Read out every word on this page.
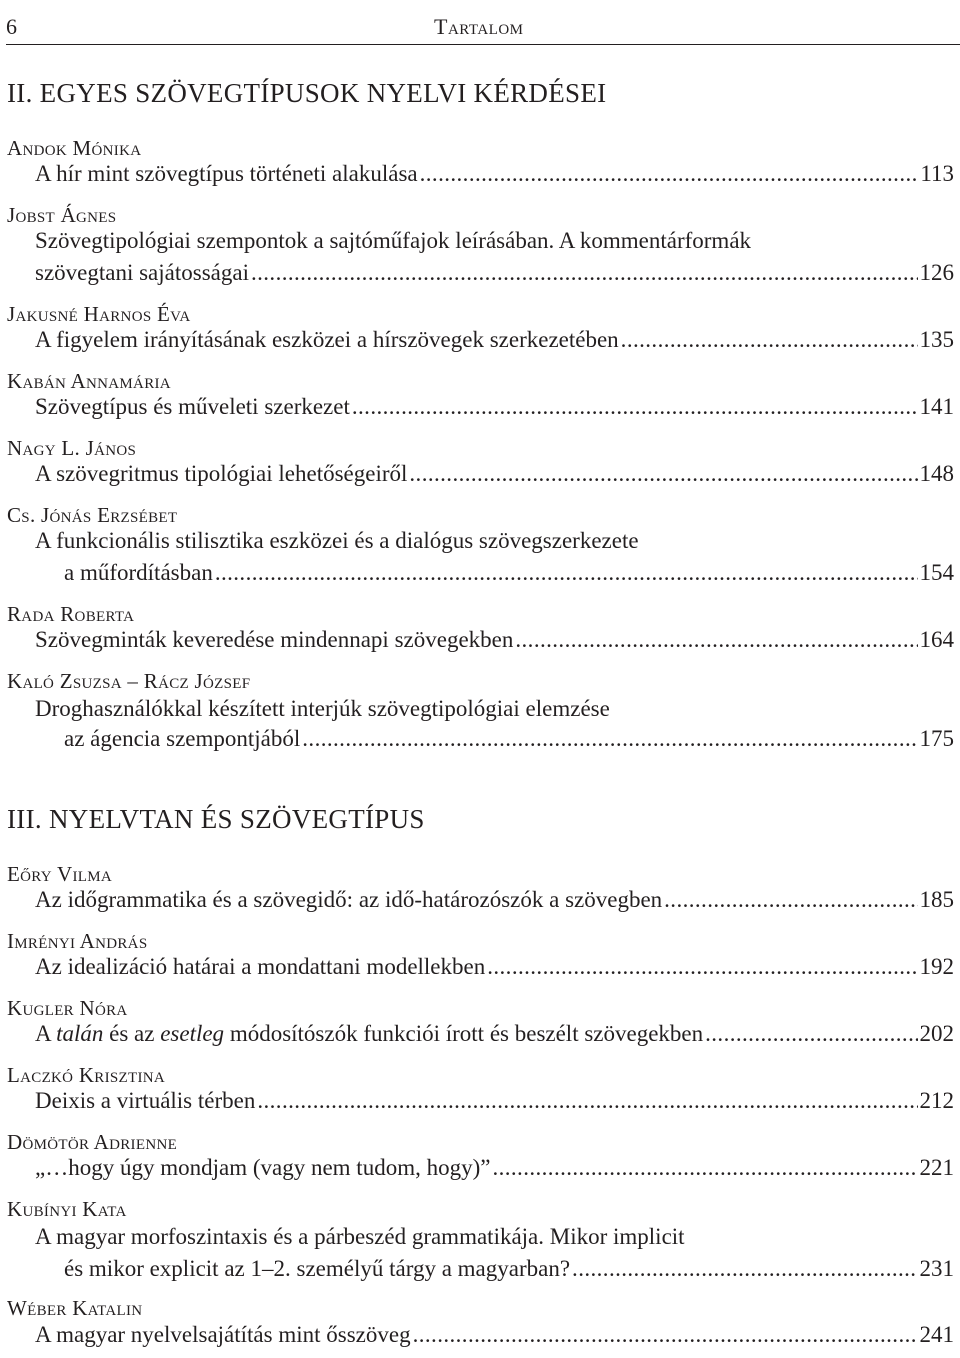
6	Tartalom
II. EGYES SZÖVEGTÍPUSOK NYELVI KÉRDÉSEI
Andok Mónika
A hír mint szövegtípus történeti alakulása .....	113
Jobst Ágnes
Szövegtipológiai szempontok a sajtóműfajok leírásában. A kommentárformák
szövegtani sajátosságai .....	126
Jakusné Harnos Éva
A figyelem irányításának eszközei a hírszövegek szerkezetében .....	135
Kabán Annamária
Szövegtípus és műveleti szerkezet .....	141
Nagy L. János
A szövegritmus tipológiai lehetőségeiről .....	148
Cs. Jónás Erzsébet
A funkcionális stilisztika eszközei és a dialógus szövegszerkezete
a műfordításban .....	154
Rada Roberta
Szövegminták keveredése mindennapi szövegekben .....	164
Kaló Zsuzsa – Rácz József
Droghasználókkal készített interjúk szövegtipológiai elemzése
az ágencia szempontjából .....	175
III. NYELVTAN ÉS SZÖVEGTÍPUS
Eőry Vilma
Az időgrammatika és a szövegidő: az idő-határozószók a szövegben .....	185
Imrényi András
Az idealizáció határai a mondattani modellekben .....	192
Kugler Nóra
A talán és az esetleg módosítószók funkciói írott és beszélt szövegekben .....	202
Laczkó Krisztina
Deixis a virtuális térben .....	212
Dömötör Adrienne
„…hogy úgy mondjam (vagy nem tudom, hogy)” .....	221
Kubínyi Kata
A magyar morfoszintaxis és a párbeszéd grammatikája. Mikor implicit
és mikor explicit az 1–2. személyű tárgy a magyarban? .....	231
Wéber Katalin
A magyar nyelvelsajátítás mint ősszöveg .....	241
